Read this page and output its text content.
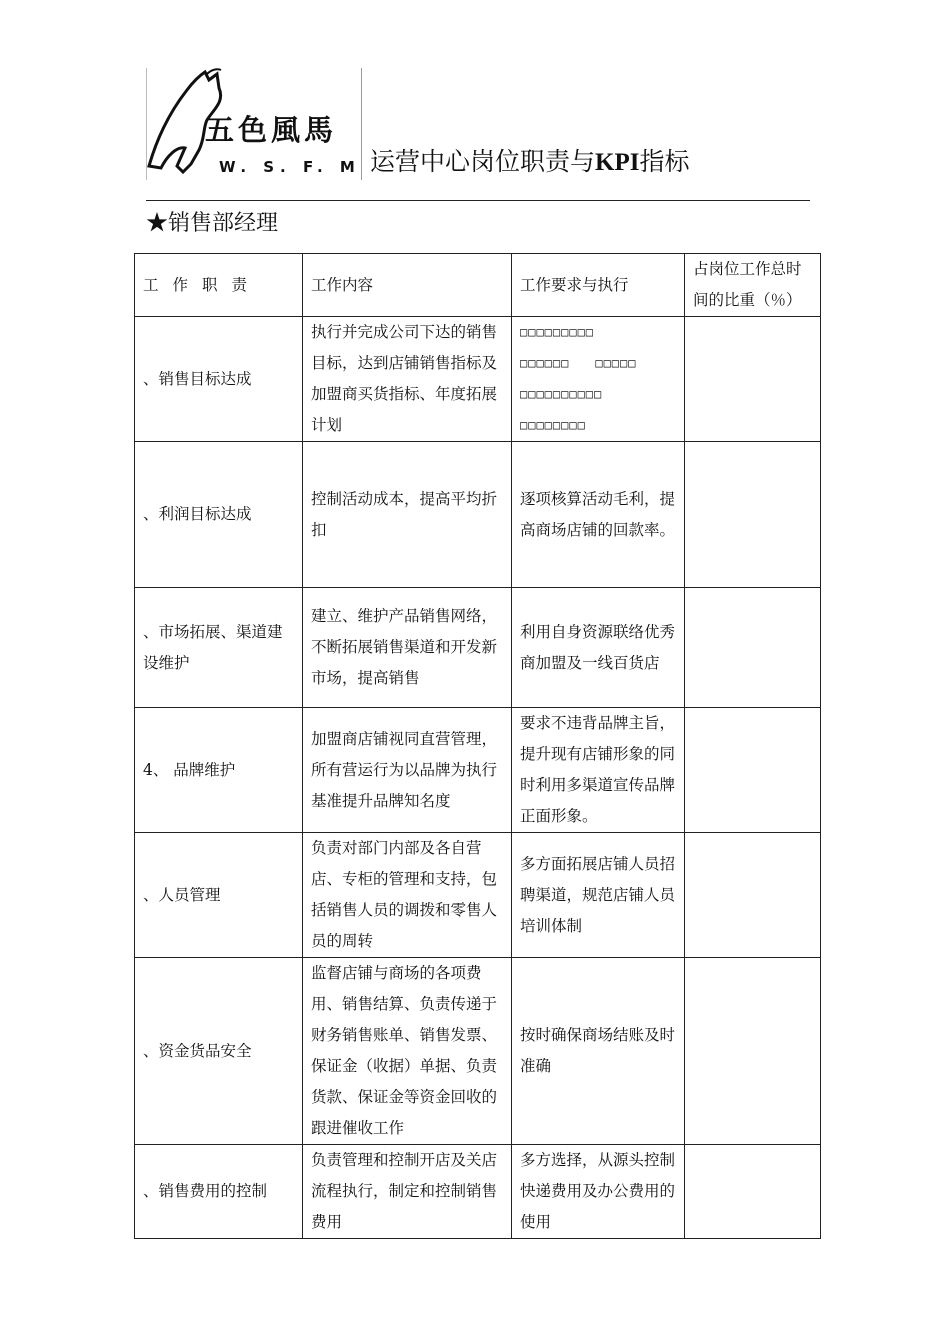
五色風馬
W. S. F. M 运营中心岗位职责与KPI指标
★销售部经理
工作职责	工作内容	工作要求与执行	占岗位工作总时间的比重（％）
、销售目标达成	执行并完成公司下达的销售目标，达到店铺销售指标及加盟商买货指标、年度拓展计划	□□□□□□□□□
□□□□□□　　□□□□□
□□□□□□□□□□
□□□□□□□□	

、利润目标达成	控制活动成本，提高平均折扣	逐项核算活动毛利，提高商场店铺的回款率。	
、市场拓展、渠道建设维护	建立、维护产品销售网络，不断拓展销售渠道和开发新市场，提高销售	利用自身资源联络优秀商加盟及一线百货店	
4、 品牌维护	加盟商店铺视同直营管理，所有营运行为以品牌为执行基准提升品牌知名度	要求不违背品牌主旨，提升现有店铺形象的同时利用多渠道宣传品牌正面形象。	
、人员管理	负责对部门内部及各自营店、专柜的管理和支持，包括销售人员的调拨和零售人员的周转	多方面拓展店铺人员招聘渠道，规范店铺人员培训体制	
、资金货品安全	监督店铺与商场的各项费用、销售结算、负责传递于财务销售账单、销售发票、保证金（收据）单据、负责货款、保证金等资金回收的跟进催收工作	按时确保商场结账及时准确	
、销售费用的控制	负责管理和控制开店及关店流程执行，制定和控制销售费用	多方选择，从源头控制快递费用及办公费用的使用	
